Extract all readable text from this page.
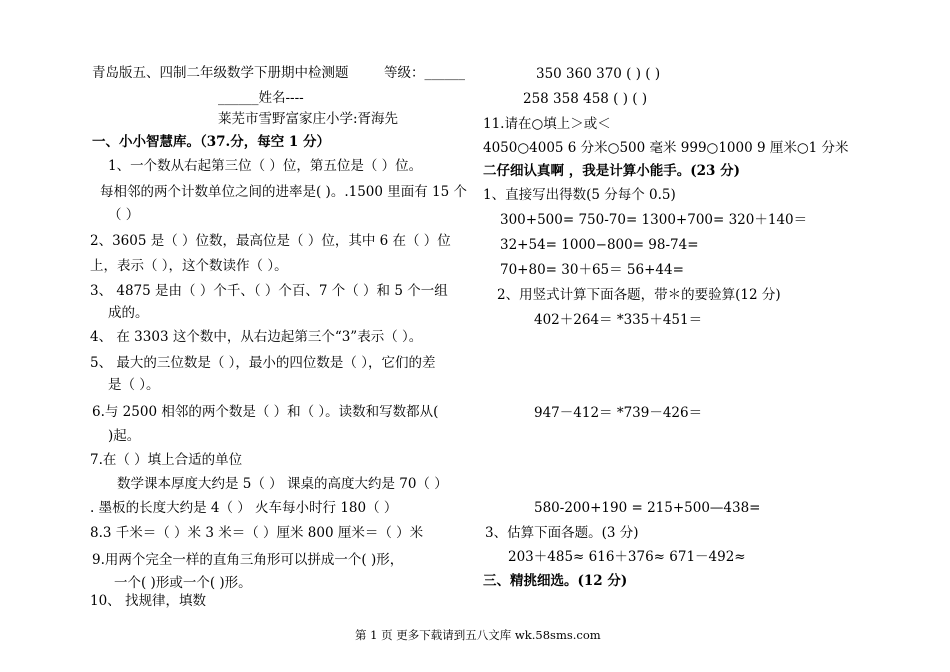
青岛版五、四制二年级数学下册期中检测题	等级：______
______姓名----
莱芜市雪野富家庄小学:胥海先
一、小小智慧库。（37.分，每空 1 分）
1、一个数从右起第三位（ ）位，第五位是（ ）位。
每相邻的两个计数单位之间的进率是( )。.1500 里面有 15 个
（ ）
2、3605 是（ ）位数，最高位是（ ）位，其中 6 在（ ）位
上，表示（ ），这个数读作（ ）。
3、 4875 是由（ ）个千、（ ）个百、7 个（ ）和 5 个一组
成的。
4、 在 3303 这个数中，从右边起第三个“3”表示（ ）。
5、 最大的三位数是（ ），最小的四位数是（ ），它们的差
是（ ）。
6.与 2500 相邻的两个数是（ ）和（ ）。读数和写数都从(
)起。
7.在（ ）填上合适的单位
数学课本厚度大约是 5（ ） 课桌的高度大约是 70（ ）
. 墨板的长度大约是 4（ ） 火车每小时行 180（ ）
8.3 千米＝（ ）米 3 米＝（ ）厘米 800 厘米＝（ ）米
9.用两个完全一样的直角三角形可以拼成一个( )形，
一个( )形或一个( )形。
10、 找规律，填数
350 360 370 ( ) ( )
258 358 458 ( ) ( )
11.请在○填上＞或＜
4050○4005 6 分米○500 毫米 999○1000 9 厘米○1 分米
二仔细认真啊 ，我是计算小能手。(23 分)
1、直接写出得数(5 分每个 0.5)
300+500= 750-70= 1300+700= 320＋140＝
32+54= 1000−800= 98-74=
70+80= 30＋65＝ 56+44=
2、用竖式计算下面各题，带＊的要验算(12 分)
402＋264＝ *335＋451＝
947－412＝ *739－426＝
580-200+190 = 215+500—438=
3、估算下面各题。(3 分)
203＋485≈ 616＋376≈ 671－492≈
三、精挑细选。(12 分)
第 1 页 更多下载请到五八文库 wk.58sms.com
